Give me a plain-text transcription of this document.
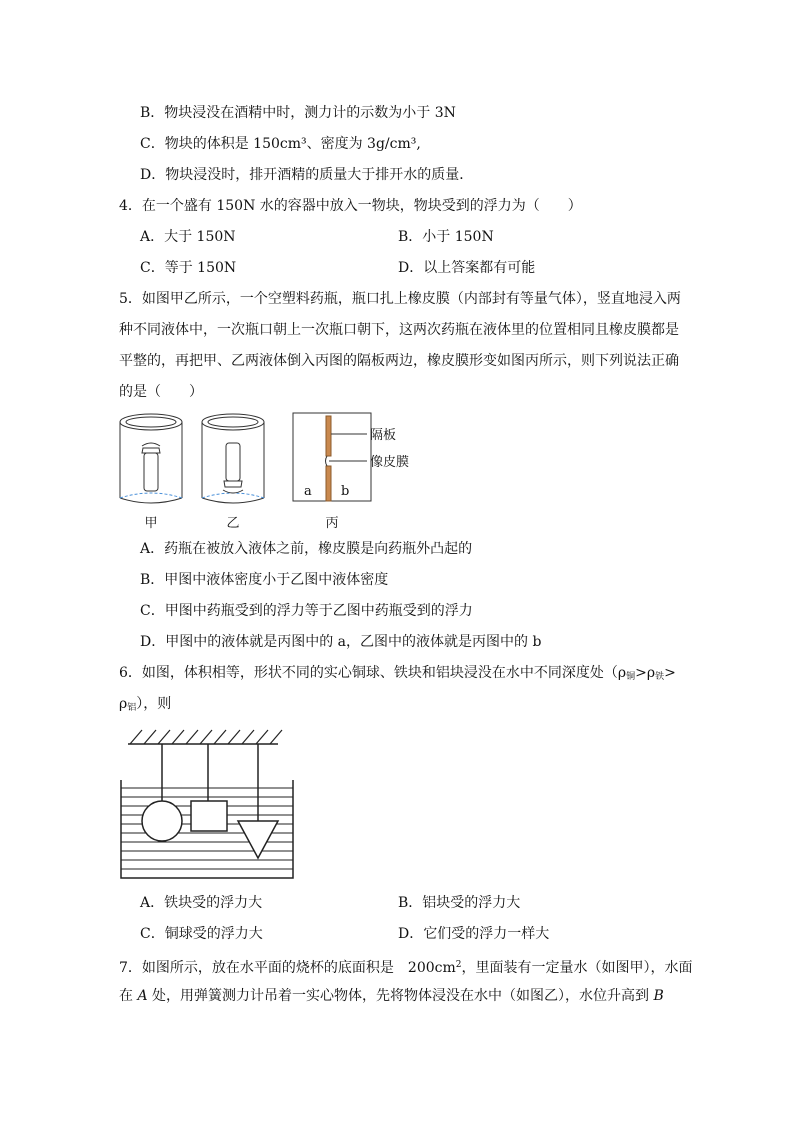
B．物块浸没在酒精中时，测力计的示数为小于 3N
C．物块的体积是 150cm³、密度为 3g/cm³,
D．物块浸没时，排开酒精的质量大于排开水的质量．
4．在一个盛有 150N 水的容器中放入一物块，物块受到的浮力为（　　）
A．大于 150N	B．小于 150N
C．等于 150N	D．以上答案都有可能
5．如图甲乙所示，一个空塑料药瓶，瓶口扎上橡皮膜（内部封有等量气体），竖直地浸入两
种不同液体中，一次瓶口朝上一次瓶口朝下，这两次药瓶在液体里的位置相同且橡皮膜都是
平整的，再把甲、乙两液体倒入丙图的隔板两边，橡皮膜形变如图丙所示，则下列说法正确
的是（　　）
隔板
像皮膜
a b
甲	乙	丙
A．药瓶在被放入液体之前，橡皮膜是向药瓶外凸起的
B．甲图中液体密度小于乙图中液体密度
C．甲图中药瓶受到的浮力等于乙图中药瓶受到的浮力
D．甲图中的液体就是丙图中的 a，乙图中的液体就是丙图中的 b
6．如图，体积相等，形状不同的实心铜球、铁块和铝块浸没在水中不同深度处（$\rho_铜>\rho_铁>$
$\rho_铝$），则
A．铁块受的浮力大	B．铝块受的浮力大
C．铜球受的浮力大	D．它们受的浮力一样大
7．如图所示，放在水平面的烧杯的底面积是　$200cm^2$，里面装有一定量水（如图甲），水面
在 A 处，用弹簧测力计吊着一实心物体，先将物体浸没在水中（如图乙），水位升高到 B
